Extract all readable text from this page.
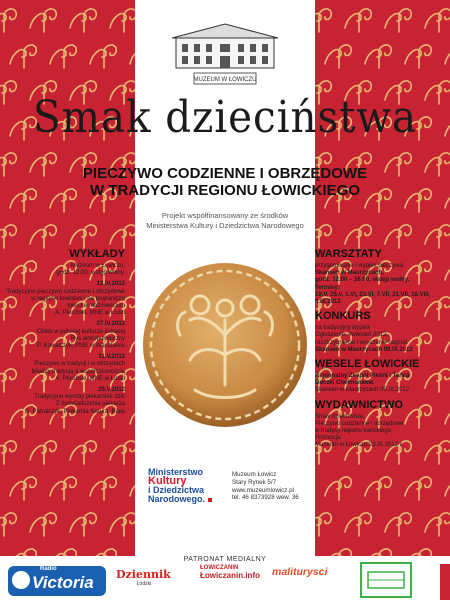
MUZEUM W ŁOWICZU
Smak dzieciństwa
PIECZYWO CODZIENNE I OBRZĘDOWE
W TRADYCJI REGIONU ŁOWICKIEGO
Projekt współfinansowany ze środków
Ministerstwa Kultury i Dziedzictwa Narodowego
WYKŁADY
Muzeum w Łowiczu,
godz. 12.00, wstęp wolny.
13.IV.2012
Tradycyjne pieczywo codzienne i obrzędowe
w regionie łowickim i na pograniczu
łowicko-mazowieckim
A. Pluciński, MNE w Łodzi
27.IV.2012
Chleb w polskiej kulturze ludowej
Rys antropologiczny
P. Kowalczyk, PME w Warszawie
11.V.2012
Pieczywo w tradycji i w obrzędach
Między tradycją a współczesnością
A. Pluciński, MNE w Łodzi
25.V.2012
Tradycyjne wyroby piekarskie dziś
Z doświadczenia piekarza
G. Patralczyk, Piekarnia Natura, Biała
WARSZTATY
przygotowanie i wypiek pieczywa
Skansen w Maurzycach,
godz. 12.00 – 16.00, wstęp wolny.
Terminy:
19.V, 25.V, 1.VI, 23.VI, 7.VII, 21.VII, 18.VIII, 8.IX.2012
KONKURS
na tradycyjny wypiek
Ogłoszenie: kwiecień 2012,
rozstrzygnięcie i wręczenie nagród
Skansen w Maurzycach 09.IX.2012
WESELE ŁOWICKIE
Regionalny Zespół Pieśni i Tańca
Boczki Chełmońskie
Skansen w Maurzycach 09.IX.2012
WYDAWNICTWO
Smak dzieciństwa.
Pieczywo codzienne i obrzędowe
w tradycji regionu łowickiego
Promocja:
Muzeum w Łowiczu 23.IX.2012 r.
Ministerstwo
Kultury
i Dziedzictwa
Narodowego.
Muzeum Łowicz
Stary Rynek 5/7
www.muzeumlowicz.pl
tel. 46 8373928 wew. 36
PATRONAT MEDIALNY
Radio
Victoria Dziennik
Łódzki
ŁOWICZANIN
Łowiczanin.info maliturysci
